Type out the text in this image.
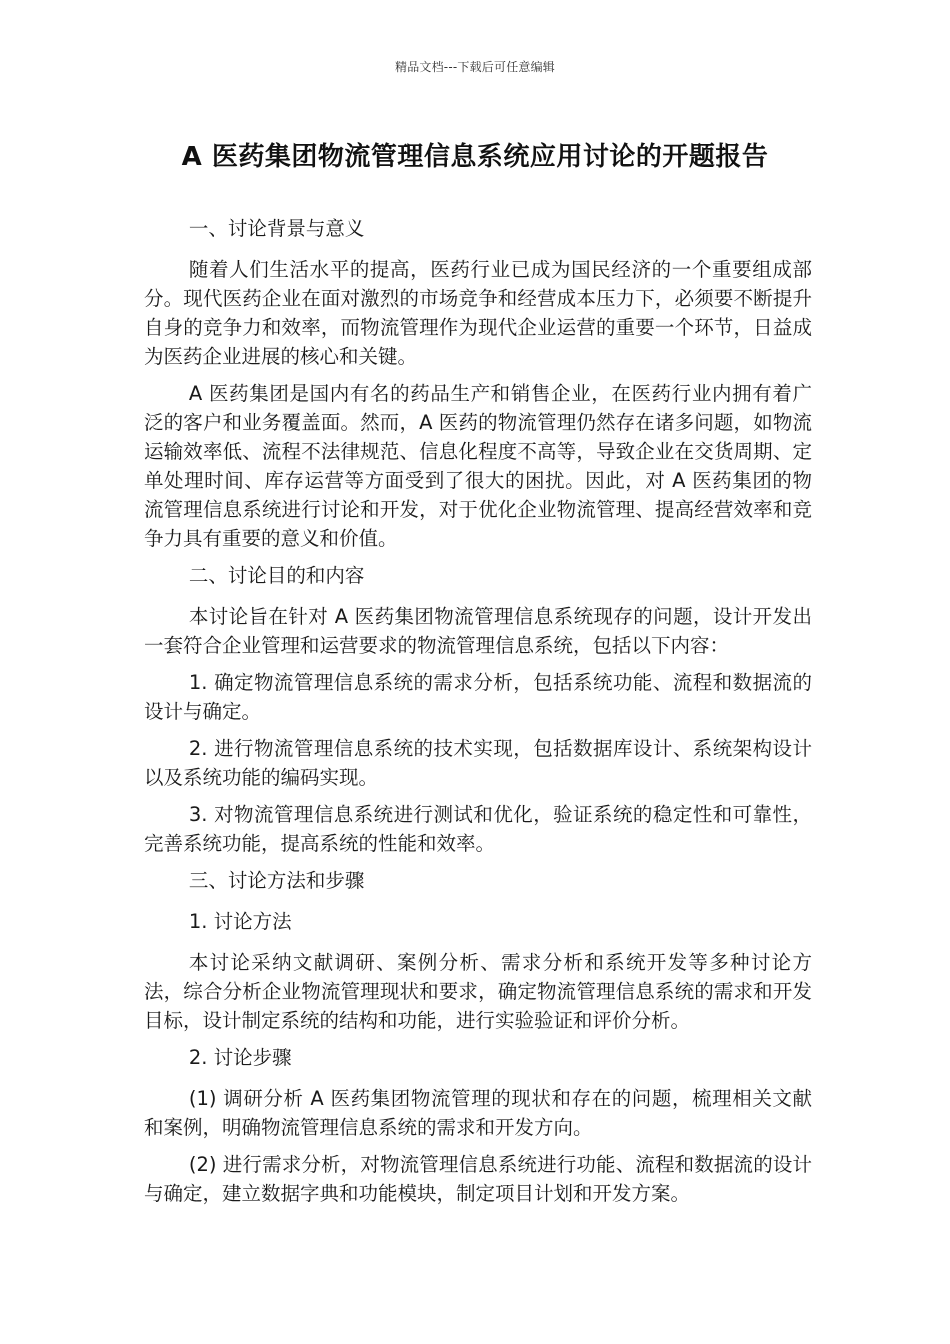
精品文档---下载后可任意编辑
A 医药集团物流管理信息系统应用讨论的开题报告

一、讨论背景与意义

随着人们生活水平的提高，医药行业已成为国民经济的一个重要组成部分。现代医药企业在面对激烈的市场竞争和经营成本压力下，必须要不断提升自身的竞争力和效率，而物流管理作为现代企业运营的重要一个环节，日益成为医药企业进展的核心和关键。

A 医药集团是国内有名的药品生产和销售企业，在医药行业内拥有着广泛的客户和业务覆盖面。然而，A 医药的物流管理仍然存在诸多问题，如物流运输效率低、流程不法律规范、信息化程度不高等，导致企业在交货周期、定单处理时间、库存运营等方面受到了很大的困扰。因此，对 A 医药集团的物流管理信息系统进行讨论和开发，对于优化企业物流管理、提高经营效率和竞争力具有重要的意义和价值。

二、讨论目的和内容

本讨论旨在针对 A 医药集团物流管理信息系统现存的问题，设计开发出一套符合企业管理和运营要求的物流管理信息系统，包括以下内容：

1. 确定物流管理信息系统的需求分析，包括系统功能、流程和数据流的设计与确定。

2. 进行物流管理信息系统的技术实现，包括数据库设计、系统架构设计以及系统功能的编码实现。

3. 对物流管理信息系统进行测试和优化，验证系统的稳定性和可靠性，完善系统功能，提高系统的性能和效率。

三、讨论方法和步骤

1. 讨论方法

本讨论采纳文献调研、案例分析、需求分析和系统开发等多种讨论方法，综合分析企业物流管理现状和要求，确定物流管理信息系统的需求和开发目标，设计制定系统的结构和功能，进行实验验证和评价分析。

2. 讨论步骤

(1) 调研分析 A 医药集团物流管理的现状和存在的问题，梳理相关文献和案例，明确物流管理信息系统的需求和开发方向。

(2) 进行需求分析，对物流管理信息系统进行功能、流程和数据流的设计与确定，建立数据字典和功能模块，制定项目计划和开发方案。
